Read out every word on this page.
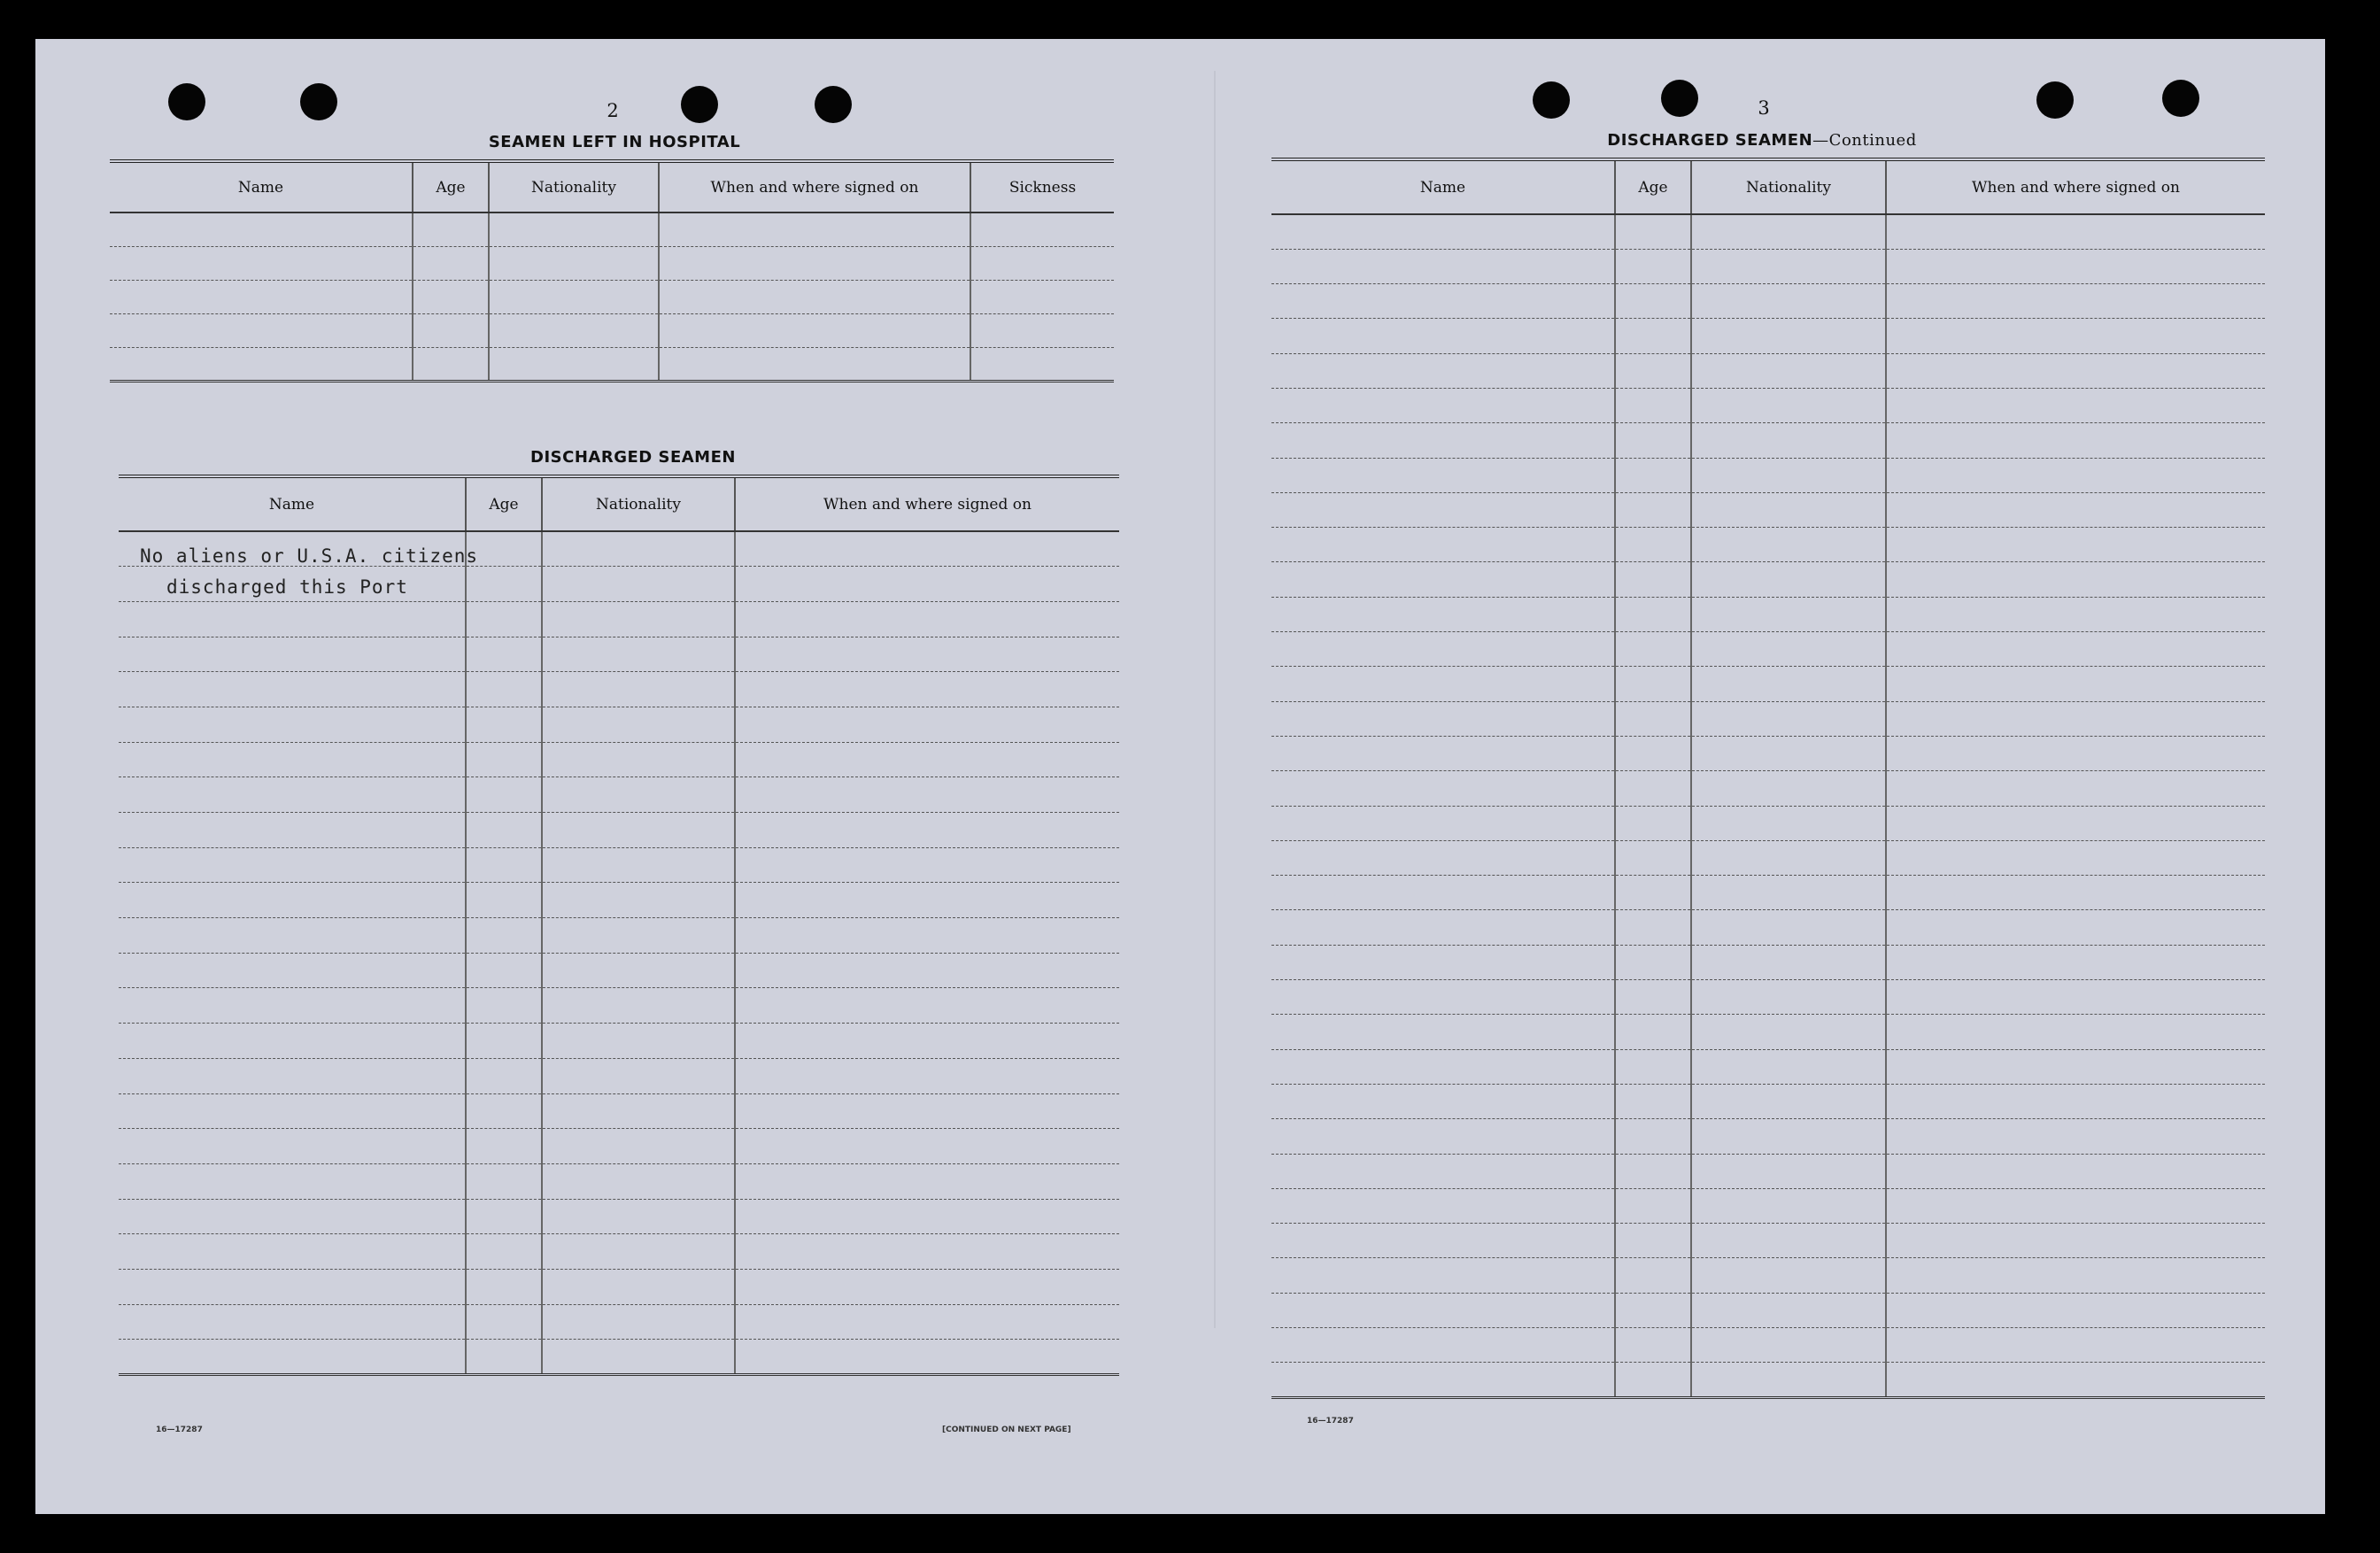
2
SEAMEN LEFT IN HOSPITAL
Name	Age	Nationality	When and where signed on	Sickness

DISCHARGED SEAMEN
Name	Age	Nationality	When and where signed on

No aliens or U.S.A. citizens
discharged this Port
16—17287	[CONTINUED ON NEXT PAGE]
3
DISCHARGED SEAMEN—Continued
Name	Age	Nationality	When and where signed on

16—17287
